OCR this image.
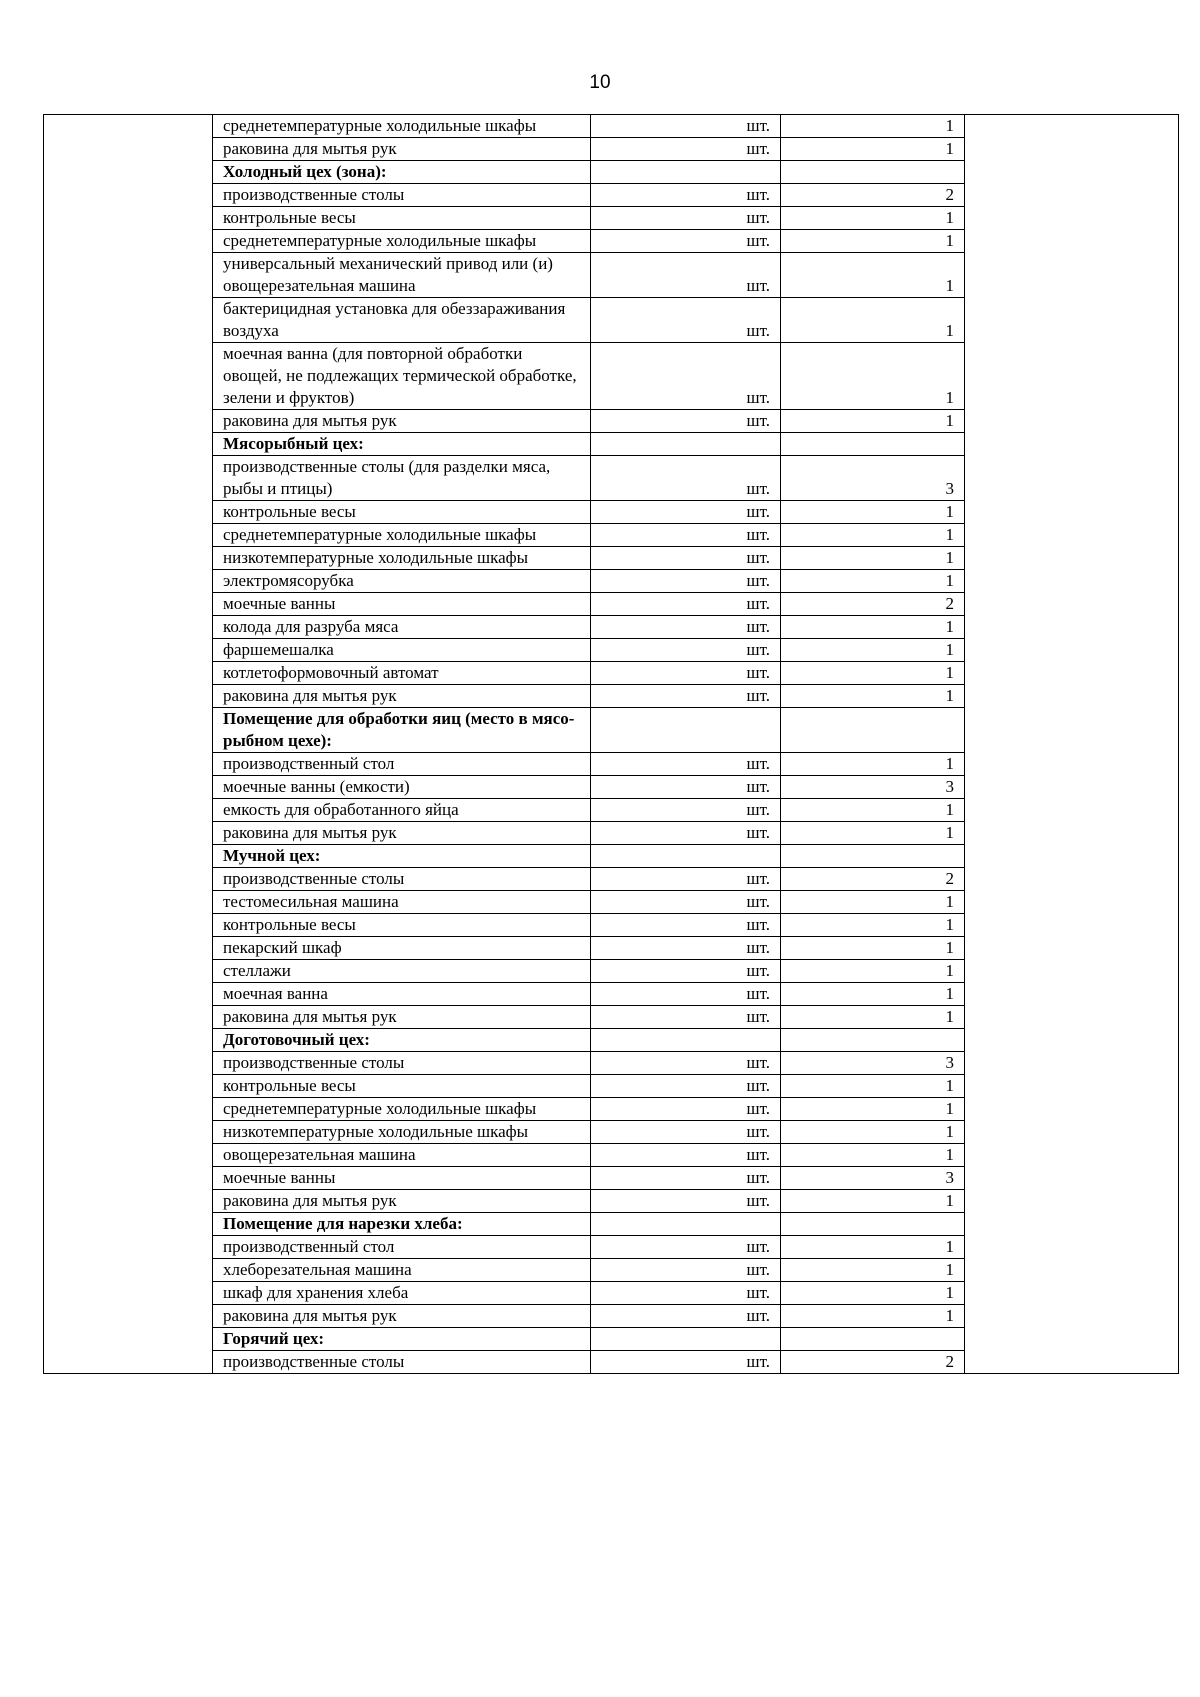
10
	среднетемпературные холодильные шкафы	шт.	1	
	раковина для мытья рук	шт.	1	
	Холодный цех (зона):			
	производственные столы	шт.	2	
	контрольные весы	шт.	1	
	среднетемпературные холодильные шкафы	шт.	1	
	универсальный механический привод или (и) овощерезательная машина	шт.	1	
	бактерицидная установка для обеззараживания воздуха	шт.	1	
	моечная ванна (для повторной обработки овощей, не подлежащих термической обработке, зелени и фруктов)	шт.	1	
	раковина для мытья рук	шт.	1	
	Мясорыбный цех:			
	производственные столы (для разделки мяса, рыбы и птицы)	шт.	3	
	контрольные весы	шт.	1	
	среднетемпературные холодильные шкафы	шт.	1	
	низкотемпературные холодильные шкафы	шт.	1	
	электромясорубка	шт.	1	
	моечные ванны	шт.	2	
	колода для разруба мяса	шт.	1	
	фаршемешалка	шт.	1	
	котлетоформовочный автомат	шт.	1	
	раковина для мытья рук	шт.	1	
	Помещение для обработки яиц (место в мясо-рыбном цехе):			
	производственный стол	шт.	1	
	моечные ванны (емкости)	шт.	3	
	емкость для обработанного яйца	шт.	1	
	раковина для мытья рук	шт.	1	
	Мучной цех:			
	производственные столы	шт.	2	
	тестомесильная машина	шт.	1	
	контрольные весы	шт.	1	
	пекарский шкаф	шт.	1	
	стеллажи	шт.	1	
	моечная ванна	шт.	1	
	раковина для мытья рук	шт.	1	
	Доготовочный цех:			
	производственные столы	шт.	3	
	контрольные весы	шт.	1	
	среднетемпературные холодильные шкафы	шт.	1	
	низкотемпературные холодильные шкафы	шт.	1	
	овощерезательная машина	шт.	1	
	моечные ванны	шт.	3	
	раковина для мытья рук	шт.	1	
	Помещение для нарезки хлеба:			
	производственный стол	шт.	1	
	хлеборезательная машина	шт.	1	
	шкаф для хранения хлеба	шт.	1	
	раковина для мытья рук	шт.	1	
	Горячий цех:			
	производственные столы	шт.	2	
